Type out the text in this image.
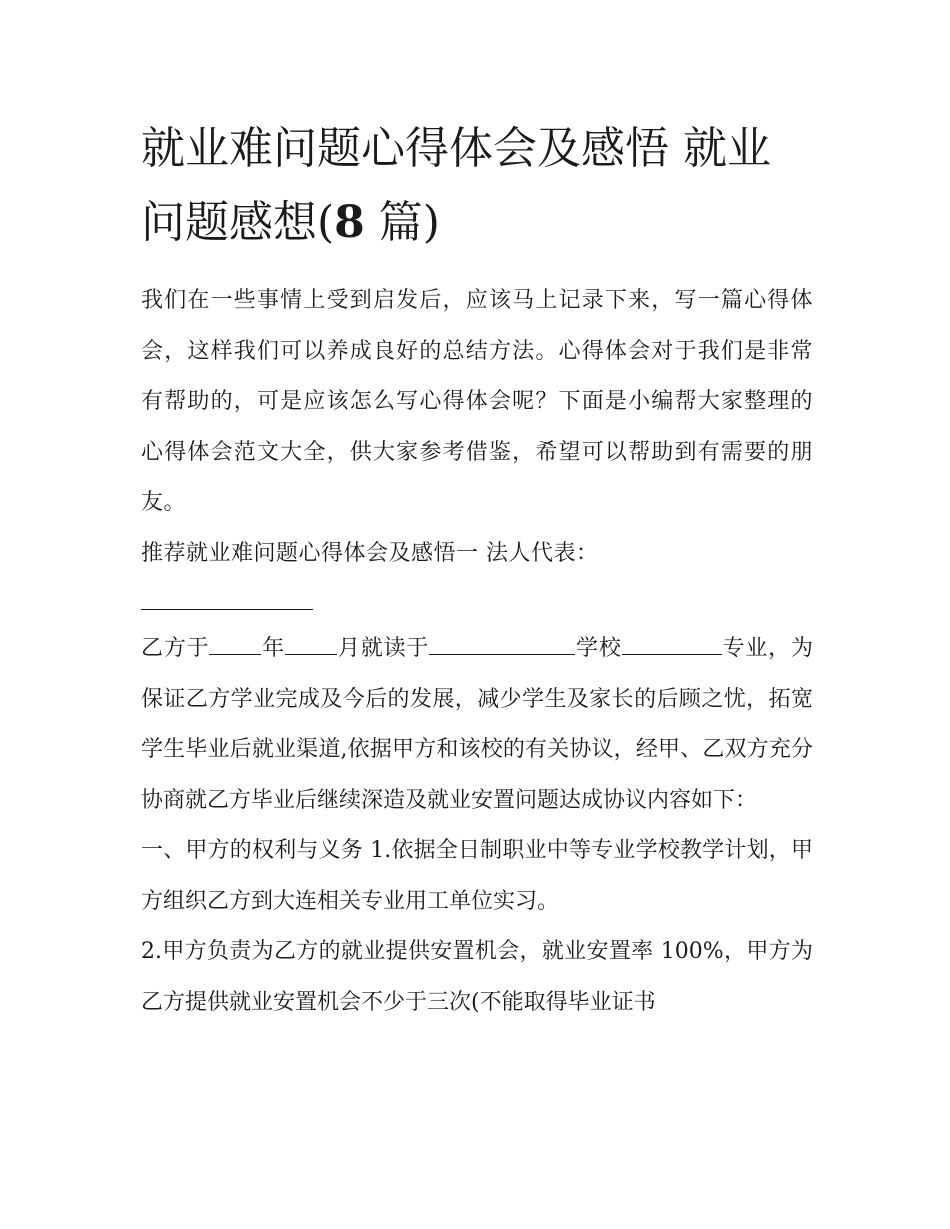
就业难问题心得体会及感悟 就业问题感想(8 篇)

我们在一些事情上受到启发后，应该马上记录下来，写一篇心得体会，这样我们可以养成良好的总结方法。心得体会对于我们是非常有帮助的，可是应该怎么写心得体会呢？下面是小编帮大家整理的心得体会范文大全，供大家参考借鉴，希望可以帮助到有需要的朋友。

推荐就业难问题心得体会及感悟一 法人代表：

乙方于 年 月就读于	学校	专业，为保证乙方学业完成及今后的发展，减少学生及家长的后顾之忧，拓宽学生毕业后就业渠道,依据甲方和该校的有关协议，经甲、乙双方充分协商就乙方毕业后继续深造及就业安置问题达成协议内容如下：

一、甲方的权利与义务 1.依据全日制职业中等专业学校教学计划，甲方组织乙方到大连相关专业用工单位实习。

2.甲方负责为乙方的就业提供安置机会，就业安置率 100%，甲方为乙方提供就业安置机会不少于三次(不能取得毕业证书
